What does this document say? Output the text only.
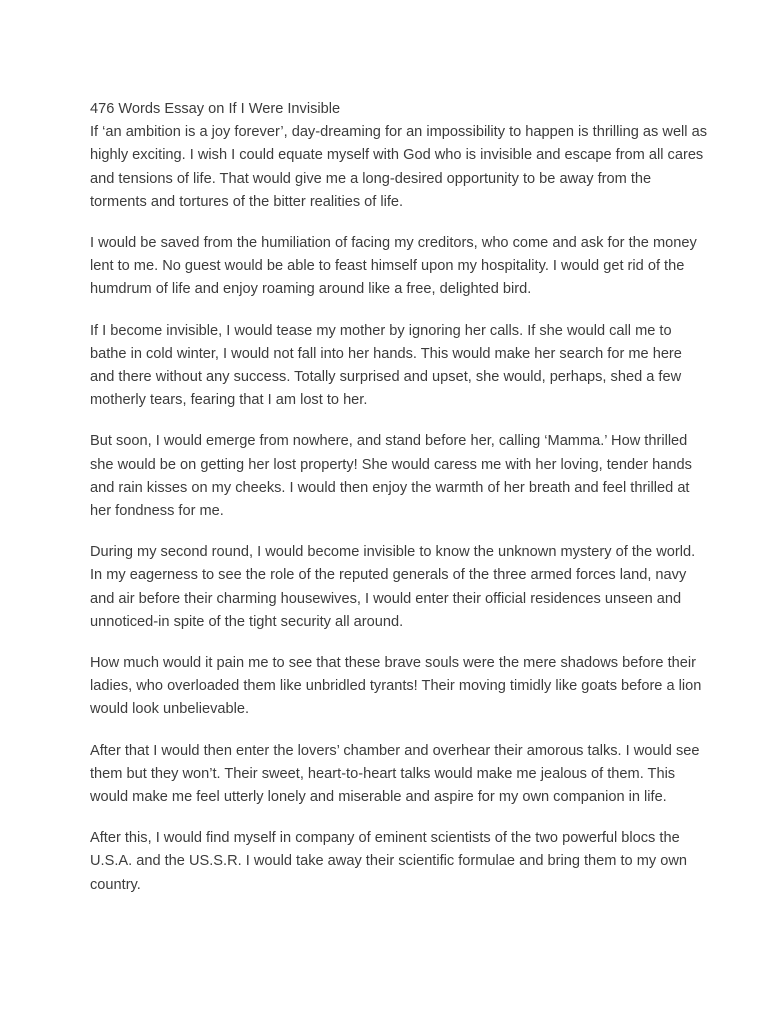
476 Words Essay on If I Were Invisible

If ‘an ambition is a joy forever’, day-dreaming for an impossibility to happen is thrilling as well as highly exciting. I wish I could equate myself with God who is invisible and escape from all cares and tensions of life. That would give me a long-desired opportunity to be away from the torments and tortures of the bitter realities of life.

I would be saved from the humiliation of facing my creditors, who come and ask for the money lent to me. No guest would be able to feast himself upon my hospitality. I would get rid of the humdrum of life and enjoy roaming around like a free, delighted bird.

If I become invisible, I would tease my mother by ignoring her calls. If she would call me to bathe in cold winter, I would not fall into her hands. This would make her search for me here and there without any success. Totally surprised and upset, she would, perhaps, shed a few motherly tears, fearing that I am lost to her.

But soon, I would emerge from nowhere, and stand before her, calling ‘Mamma.’ How thrilled she would be on getting her lost property! She would caress me with her loving, tender hands and rain kisses on my cheeks. I would then enjoy the warmth of her breath and feel thrilled at her fondness for me.

During my second round, I would become invisible to know the unknown mystery of the world. In my eagerness to see the role of the reputed generals of the three armed forces land, navy and air before their charming housewives, I would enter their official residences unseen and unnoticed-in spite of the tight security all around.

How much would it pain me to see that these brave souls were the mere shadows before their ladies, who overloaded them like unbridled tyrants! Their moving timidly like goats before a lion would look unbelievable.

After that I would then enter the lovers’ chamber and overhear their amorous talks. I would see them but they won’t. Their sweet, heart-to-heart talks would make me jealous of them. This would make me feel utterly lonely and miserable and aspire for my own companion in life.

After this, I would find myself in company of eminent scientists of the two powerful blocs the U.S.A. and the US.S.R. I would take away their scientific formulae and bring them to my own country.
